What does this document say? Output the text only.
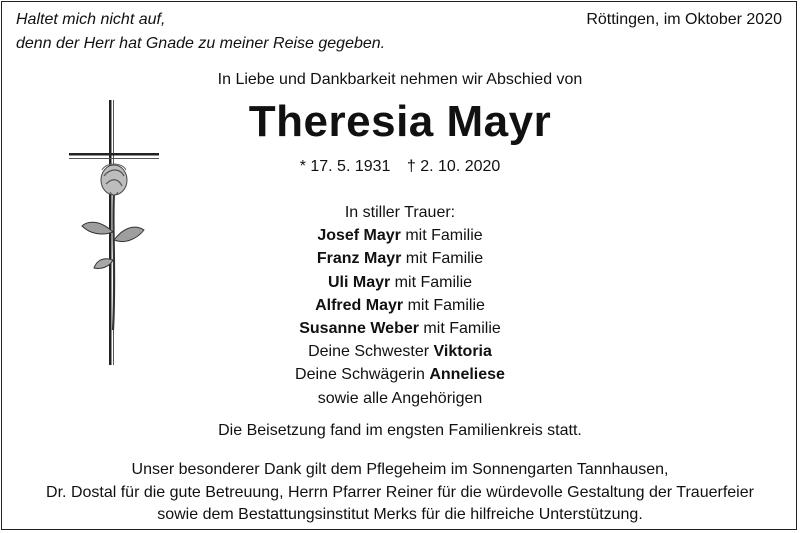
Haltet mich nicht auf,
denn der Herr hat Gnade zu meiner Reise gegeben.
Röttingen, im Oktober 2020
In Liebe und Dankbarkeit nehmen wir Abschied von
Theresia Mayr
* 17. 5. 1931 † 2. 10. 2020
In stiller Trauer:
Josef Mayr mit Familie
Franz Mayr mit Familie
Uli Mayr mit Familie
Alfred Mayr mit Familie
Susanne Weber mit Familie
Deine Schwester Viktoria
Deine Schwägerin Anneliese
sowie alle Angehörigen
Die Beisetzung fand im engsten Familienkreis statt.
Unser besonderer Dank gilt dem Pflegeheim im Sonnengarten Tannhausen,
Dr. Dostal für die gute Betreuung, Herrn Pfarrer Reiner für die würdevolle Gestaltung der Trauerfeier
sowie dem Bestattungsinstitut Merks für die hilfreiche Unterstützung.
